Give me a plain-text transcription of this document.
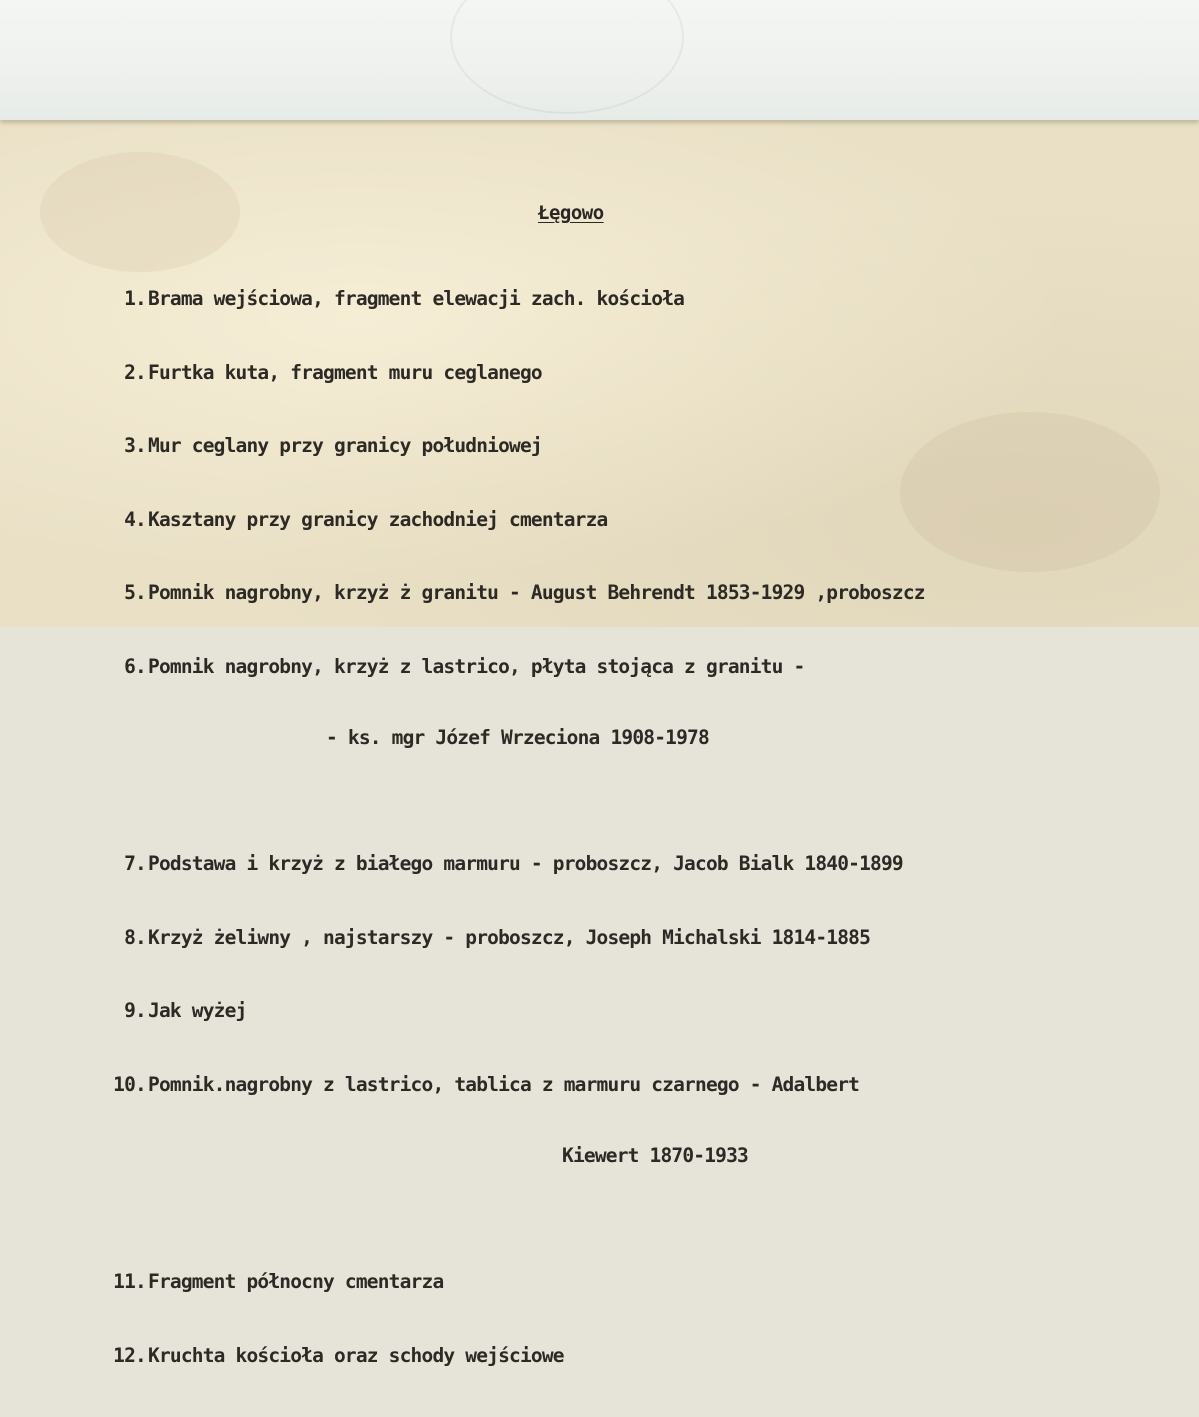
Łęgowo

1. Brama wejściowa, fragment elewacji zach. kościoła

2. Furtka kuta, fragment muru ceglanego

3. Mur ceglany przy granicy południowej

4. Kasztany przy granicy zachodniej cmentarza

5. Pomnik nagrobny, krzyż ż granitu - August Behrendt 1853-1929 ,proboszcz

6. Pomnik nagrobny, krzyż z lastrico, płyta stojąca z granitu -

- ks. mgr Józef Wrzeciona 1908-1978

7. Podstawa i krzyż z białego marmuru - proboszcz, Jacob Bialk 1840-1899

8. Krzyż żeliwny , najstarszy - proboszcz, Joseph Michalski 1814-1885

9. Jak wyżej

10. Pomnik.nagrobny z lastrico, tablica z marmuru czarnego - Adalbert

Kiewert 1870-1933

11. Fragment północny cmentarza

12. Kruchta kościoła oraz schody wejściowe
